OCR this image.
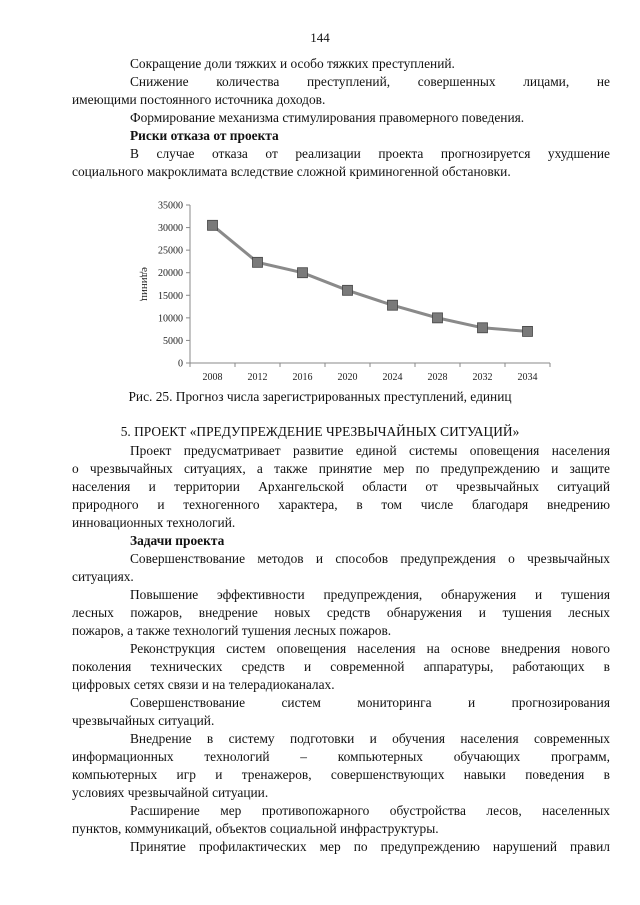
144
Сокращение доли тяжких и особо тяжких преступлений.
Снижение количества преступлений, совершенных лицами, не
имеющими постоянного источника доходов.
Формирование механизма стимулирования правомерного поведения.
Риски отказа от проекта
В случае отказа от реализации проекта прогнозируется ухудшение
социального макроклимата вследствие сложной криминогенной обстановки.
0
5000
10000
15000
20000
25000
30000
35000
2008	2012	2016	2020	2024	2028	2032	2034
единиц
Рис. 25. Прогноз числа зарегистрированных преступлений, единиц
5. ПРОЕКТ «ПРЕДУПРЕЖДЕНИЕ ЧРЕЗВЫЧАЙНЫХ СИТУАЦИЙ»
Проект предусматривает развитие единой системы оповещения населения
о чрезвычайных ситуациях, а также принятие мер по предупреждению и защите
населения и территории Архангельской области от чрезвычайных ситуаций
природного и техногенного характера, в том числе благодаря внедрению
инновационных технологий.
Задачи проекта
Совершенствование методов и способов предупреждения о чрезвычайных
ситуациях.
Повышение эффективности предупреждения, обнаружения и тушения
лесных пожаров, внедрение новых средств обнаружения и тушения лесных
пожаров, а также технологий тушения лесных пожаров.
Реконструкция систем оповещения населения на основе внедрения нового
поколения технических средств и современной аппаратуры, работающих в
цифровых сетях связи и на телерадиоканалах.
Совершенствование систем мониторинга и прогнозирования
чрезвычайных ситуаций.
Внедрение в систему подготовки и обучения населения современных
информационных технологий – компьютерных обучающих программ,
компьютерных игр и тренажеров, совершенствующих навыки поведения в
условиях чрезвычайной ситуации.
Расширение мер противопожарного обустройства лесов, населенных
пунктов, коммуникаций, объектов социальной инфраструктуры.
Принятие профилактических мер по предупреждению нарушений правил
